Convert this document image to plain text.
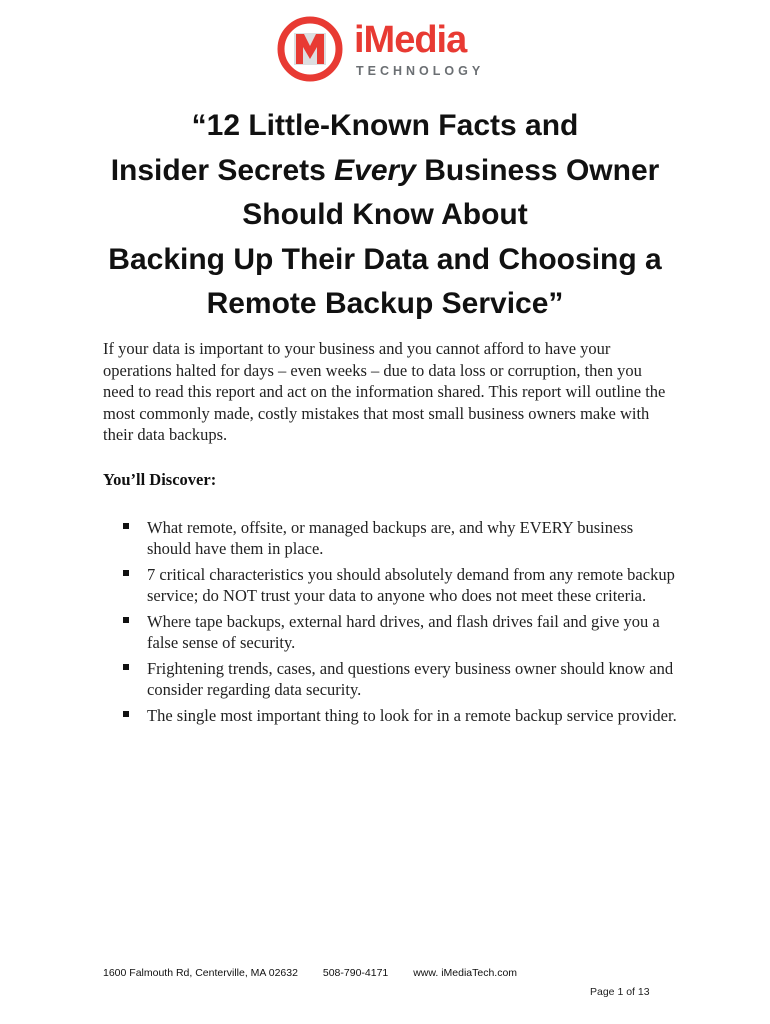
iMedia
TECHNOLOGY
“12 Little-Known Facts and
Insider Secrets Every Business Owner
Should Know About
Backing Up Their Data and Choosing a
Remote Backup Service”

If your data is important to your business and you cannot afford to have your operations halted for days – even weeks – due to data loss or corruption, then you need to read this report and act on the information shared. This report will outline the most commonly made, costly mistakes that most small business owners make with their data backups.

You’ll Discover:
What remote, offsite, or managed backups are, and why EVERY business should have them in place.
7 critical characteristics you should absolutely demand from any remote backup service; do NOT trust your data to anyone who does not meet these criteria.
Where tape backups, external hard drives, and flash drives fail and give you a false sense of security.
Frightening trends, cases, and questions every business owner should know and consider regarding data security.
The single most important thing to look for in a remote backup service provider.
1600 Falmouth Rd, Centerville, MA 02632 508-790-4171 www. iMediaTech.com
Page 1 of 13
